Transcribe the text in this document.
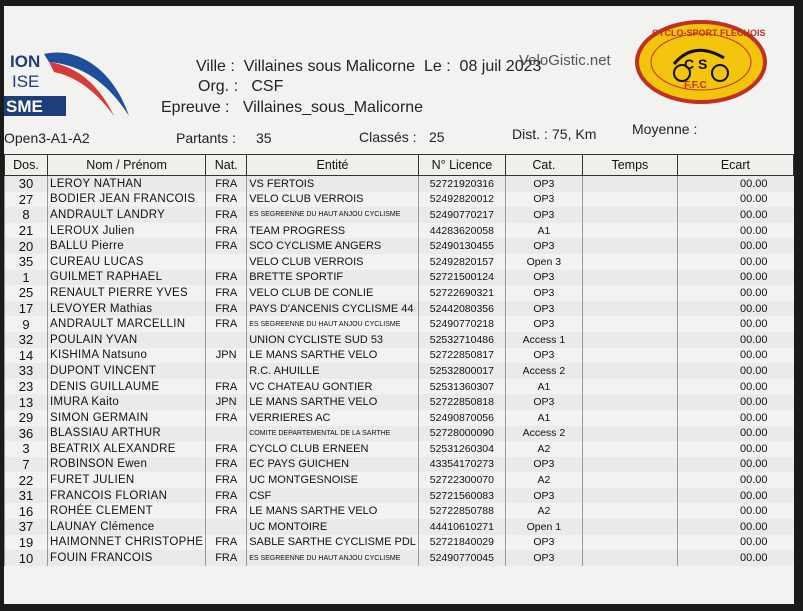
ION
ISE
SME
Ville : Villaines sous Malicorne Le : 08 juil 2023
Org. : CSF
Epreuve : Villaines_sous_Malicorne
VeloGistic.net
CYCLO-SPORT FLÉCHOIS
C S
F.F.C
Open3-A1-A2	Partants : 35	Classés : 25	Dist. : 75, Km	Moyenne :
Dos.	Nom / Prénom	Nat.	Entité	N° Licence	Cat.	Temps	Ecart
30	LEROY NATHAN	FRA	VS FERTOIS	52721920316	OP3		00.00
27	BODIER JEAN FRANCOIS	FRA	VELO CLUB VERROIS	52492820012	OP3		00.00
8	ANDRAULT LANDRY	FRA	ES SEGREENNE DU HAUT ANJOU CYCLISME	52490770217	OP3		00.00
21	LEROUX Julien	FRA	TEAM PROGRESS	44283620058	A1		00.00
20	BALLU Pierre	FRA	SCO CYCLISME ANGERS	52490130455	OP3		00.00
35	CUREAU LUCAS		VELO CLUB VERROIS	52492820157	Open 3		00.00
1	GUILMET RAPHAEL	FRA	BRETTE SPORTIF	52721500124	OP3		00.00
25	RENAULT PIERRE YVES	FRA	VELO CLUB DE CONLIE	52722690321	OP3		00.00
17	LEVOYER Mathias	FRA	PAYS D'ANCENIS CYCLISME 44	52442080356	OP3		00.00
9	ANDRAULT MARCELLIN	FRA	ES SEGREENNE DU HAUT ANJOU CYCLISME	52490770218	OP3		00.00
32	POULAIN YVAN		UNION CYCLISTE SUD 53	52532710486	Access 1		00.00
14	KISHIMA Natsuno	JPN	LE MANS SARTHE VELO	52722850817	OP3		00.00
33	DUPONT VINCENT		R.C. AHUILLE	52532800017	Access 2		00.00
23	DENIS GUILLAUME	FRA	VC CHATEAU GONTIER	52531360307	A1		00.00
13	IMURA Kaito	JPN	LE MANS SARTHE VELO	52722850818	OP3		00.00
29	SIMON GERMAIN	FRA	VERRIERES AC	52490870056	A1		00.00
36	BLASSIAU ARTHUR		COMITE DEPARTEMENTAL DE LA SARTHE	52728000090	Access 2		00.00
3	BEATRIX ALEXANDRE	FRA	CYCLO CLUB ERNEEN	52531260304	A2		00.00
7	ROBINSON Ewen	FRA	EC PAYS GUICHEN	43354170273	OP3		00.00
22	FURET JULIEN	FRA	UC MONTGESNOISE	52722300070	A2		00.00
31	FRANCOIS FLORIAN	FRA	CSF	52721560083	OP3		00.00
16	ROHÉE CLEMENT	FRA	LE MANS SARTHE VELO	52722850788	A2		00.00
37	LAUNAY Clémence		UC MONTOIRE	44410610271	Open 1		00.00
19	HAIMONNET CHRISTOPHE	FRA	SABLE SARTHE CYCLISME PDL	52721840029	OP3		00.00
10	FOUIN FRANCOIS	FRA	ES SEGREENNE DU HAUT ANJOU CYCLISME	52490770045	OP3		00.00
